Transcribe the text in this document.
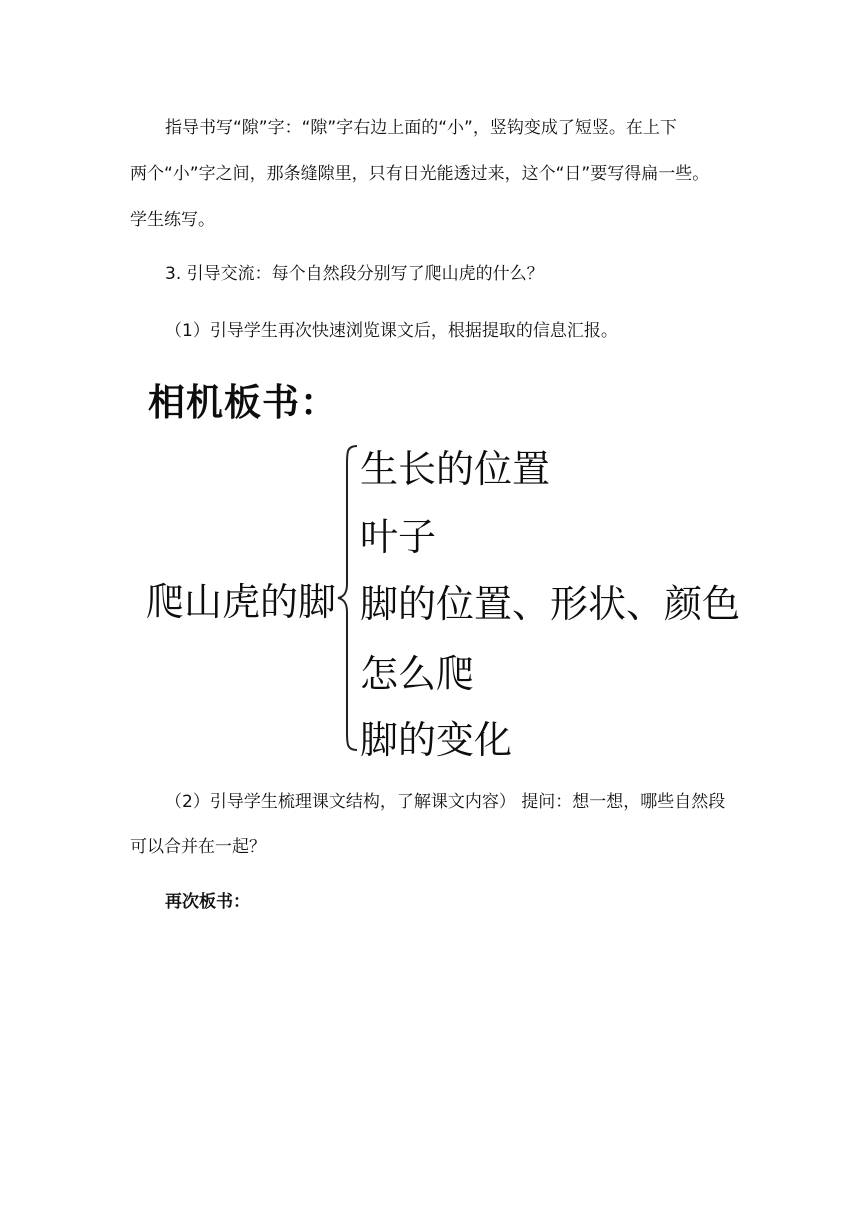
指导书写“隙”字：“隙”字右边上面的“小”，竖钩变成了短竖。在上下

两个“小”字之间，那条缝隙里，只有日光能透过来，这个“日”要写得扁一些。

学生练写。

3. 引导交流：每个自然段分别写了爬山虎的什么？

（1）引导学生再次快速浏览课文后，根据提取的信息汇报。

相机板书：
爬山虎的脚
生长的位置
叶子
脚的位置、形状、颜色
怎么爬
脚的变化

（2）引导学生梳理课文结构，了解课文内容） 提问：想一想，哪些自然段

可以合并在一起？

再次板书：
